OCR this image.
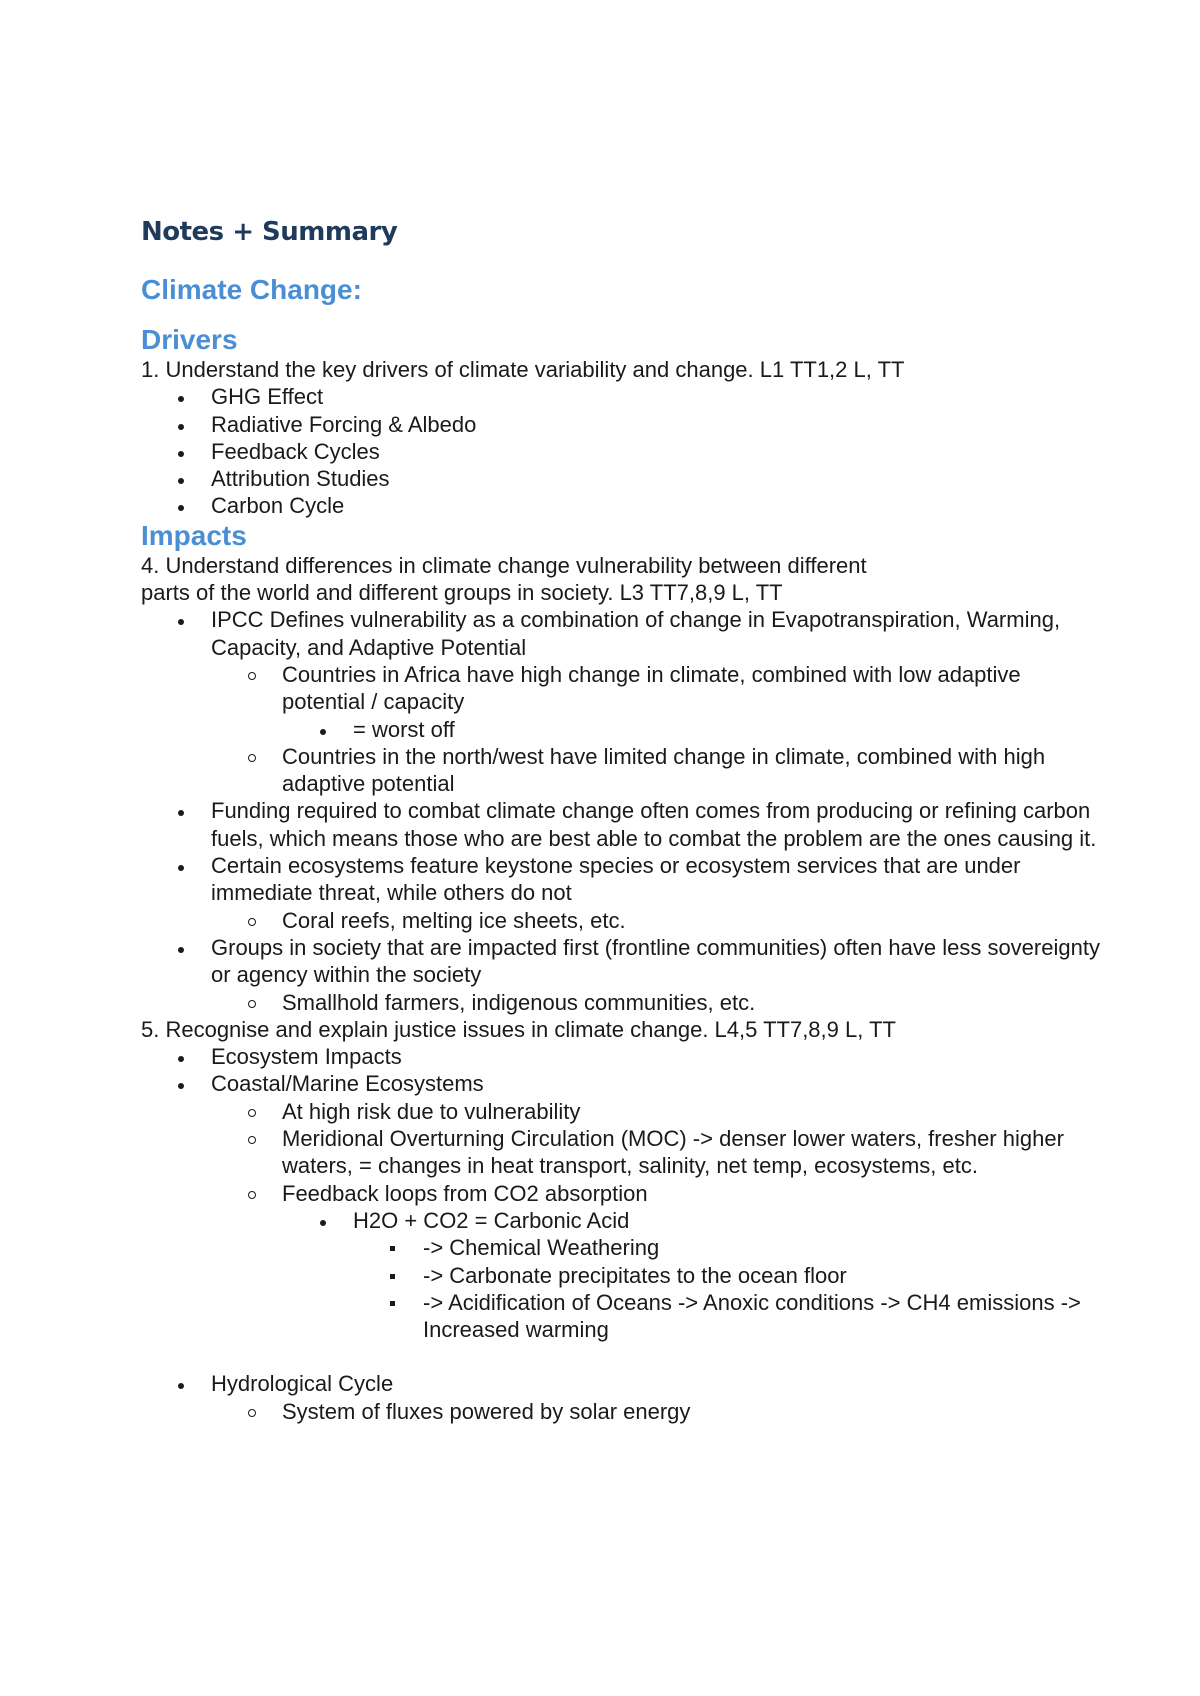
Notes + Summary
Climate Change:
Drivers
1. Understand the key drivers of climate variability and change. L1 TT1,2 L, TT
GHG Effect
Radiative Forcing & Albedo
Feedback Cycles
Attribution Studies
Carbon Cycle
Impacts
4. Understand differences in climate change vulnerability between different
parts of the world and different groups in society. L3 TT7,8,9 L, TT
IPCC Defines vulnerability as a combination of change in Evapotranspiration, Warming, Capacity, and Adaptive Potential
Countries in Africa have high change in climate, combined with low adaptive potential / capacity
= worst off
Countries in the north/west have limited change in climate, combined with high adaptive potential
Funding required to combat climate change often comes from producing or refining carbon fuels, which means those who are best able to combat the problem are the ones causing it.
Certain ecosystems feature keystone species or ecosystem services that are under immediate threat, while others do not
Coral reefs, melting ice sheets, etc.
Groups in society that are impacted first (frontline communities) often have less sovereignty or agency within the society
Smallhold farmers, indigenous communities, etc.
5. Recognise and explain justice issues in climate change. L4,5 TT7,8,9 L, TT
Ecosystem Impacts
Coastal/Marine Ecosystems
At high risk due to vulnerability
Meridional Overturning Circulation (MOC) -> denser lower waters, fresher higher waters, = changes in heat transport, salinity, net temp, ecosystems, etc.
Feedback loops from CO2 absorption
H2O + CO2 = Carbonic Acid
-> Chemical Weathering
-> Carbonate precipitates to the ocean floor
-> Acidification of Oceans -> Anoxic conditions -> CH4 emissions -> Increased warming
Hydrological Cycle
System of fluxes powered by solar energy
